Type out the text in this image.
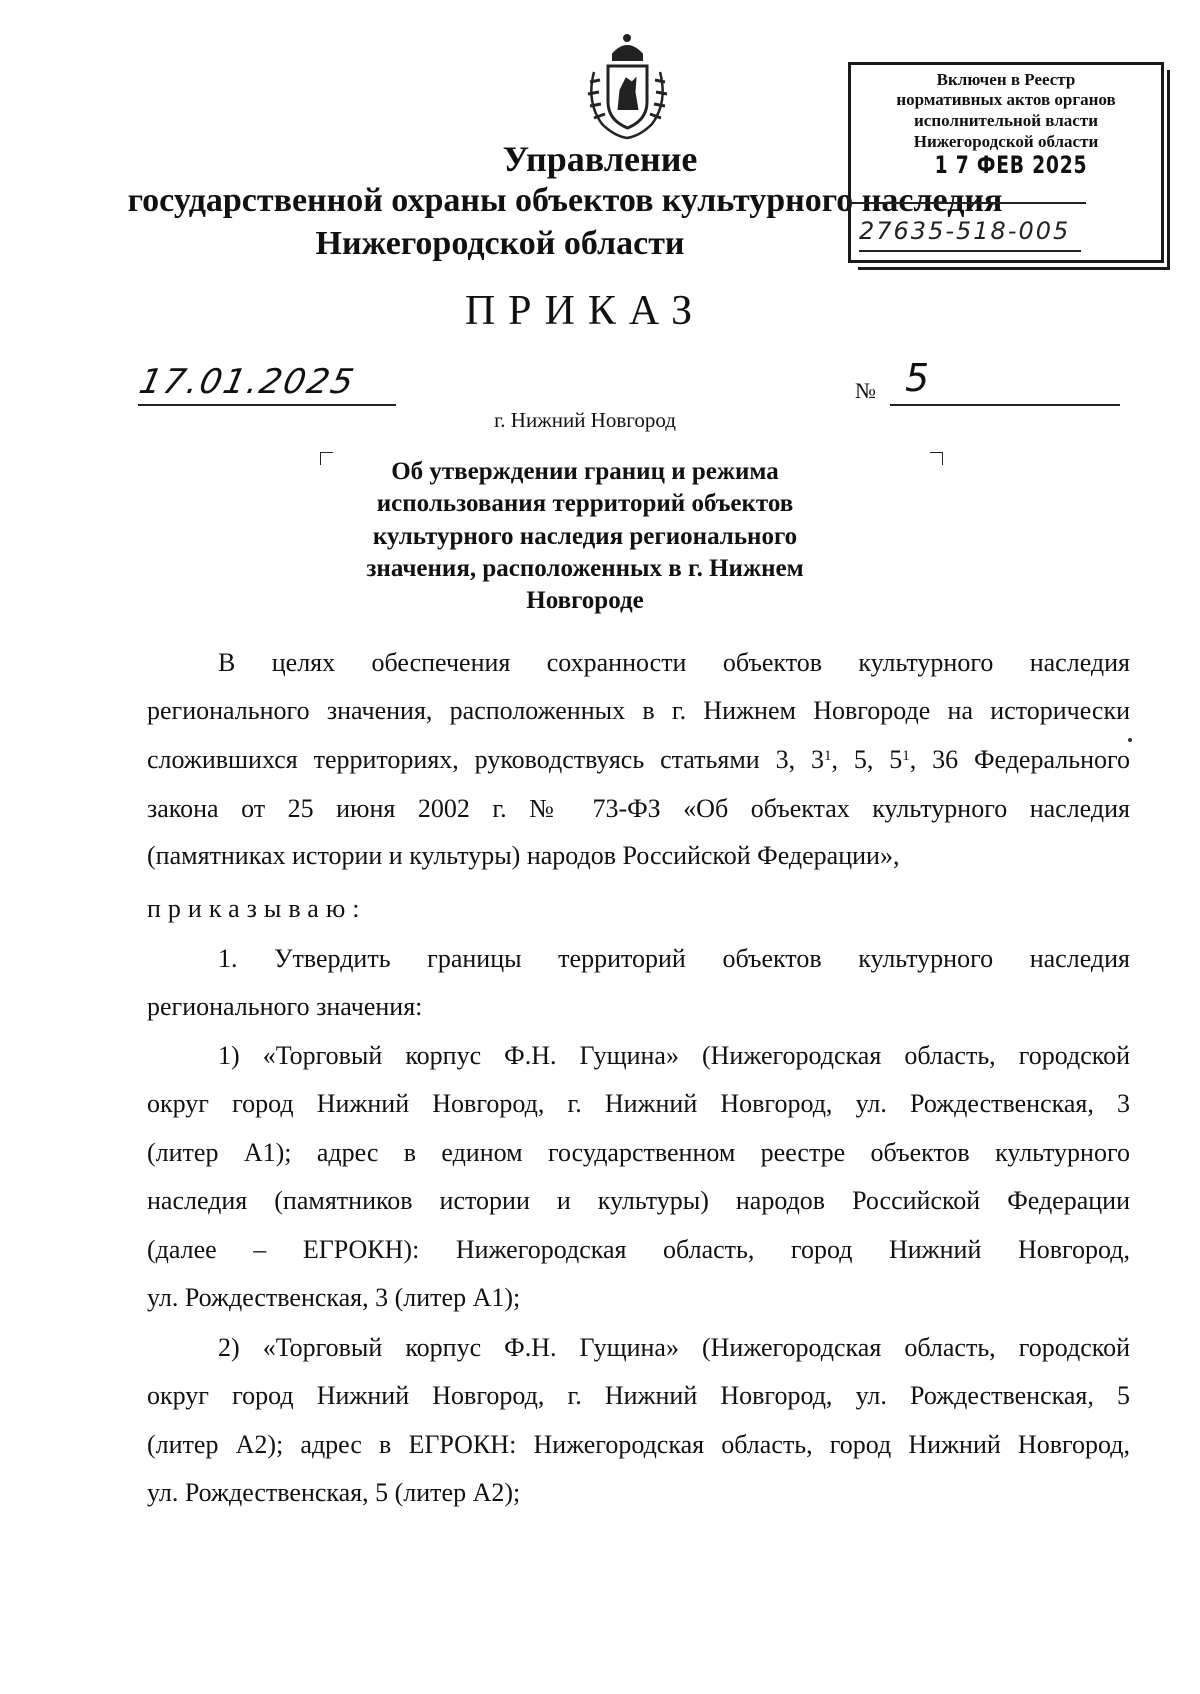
Управление
государственной охраны объектов культурного наследия
Нижегородской области
ПРИКАЗ
Включен в Реестр
нормативных актов органов
исполнительной власти
Нижегородской области
1 7 ФЕВ 2025
27635-518-005
17.01.2025	№ 5
г. Нижний Новгород
Об утверждении границ и режима
использования территорий объектов
культурного наследия регионального
значения, расположенных в г. Нижнем
Новгороде
В целях обеспечения сохранности объектов культурного наследия
регионального значения, расположенных в г. Нижнем Новгороде на исторически
сложившихся территориях, руководствуясь статьями 3, $3^1$, 5, $5^1$, 36 Федерального
закона от 25 июня 2002 г. № 73-ФЗ «Об объектах культурного наследия
(памятниках истории и культуры) народов Российской Федерации»,
приказываю:
1. Утвердить границы территорий объектов культурного наследия
регионального значения:
1) «Торговый корпус Ф.Н. Гущина» (Нижегородская область, городской
округ город Нижний Новгород, г. Нижний Новгород, ул. Рождественская, 3
(литер А1); адрес в едином государственном реестре объектов культурного
наследия (памятников истории и культуры) народов Российской Федерации
(далее – ЕГРОКН): Нижегородская область, город Нижний Новгород,
ул. Рождественская, 3 (литер А1);
2) «Торговый корпус Ф.Н. Гущина» (Нижегородская область, городской
округ город Нижний Новгород, г. Нижний Новгород, ул. Рождественская, 5
(литер А2); адрес в ЕГРОКН: Нижегородская область, город Нижний Новгород,
ул. Рождественская, 5 (литер А2);
